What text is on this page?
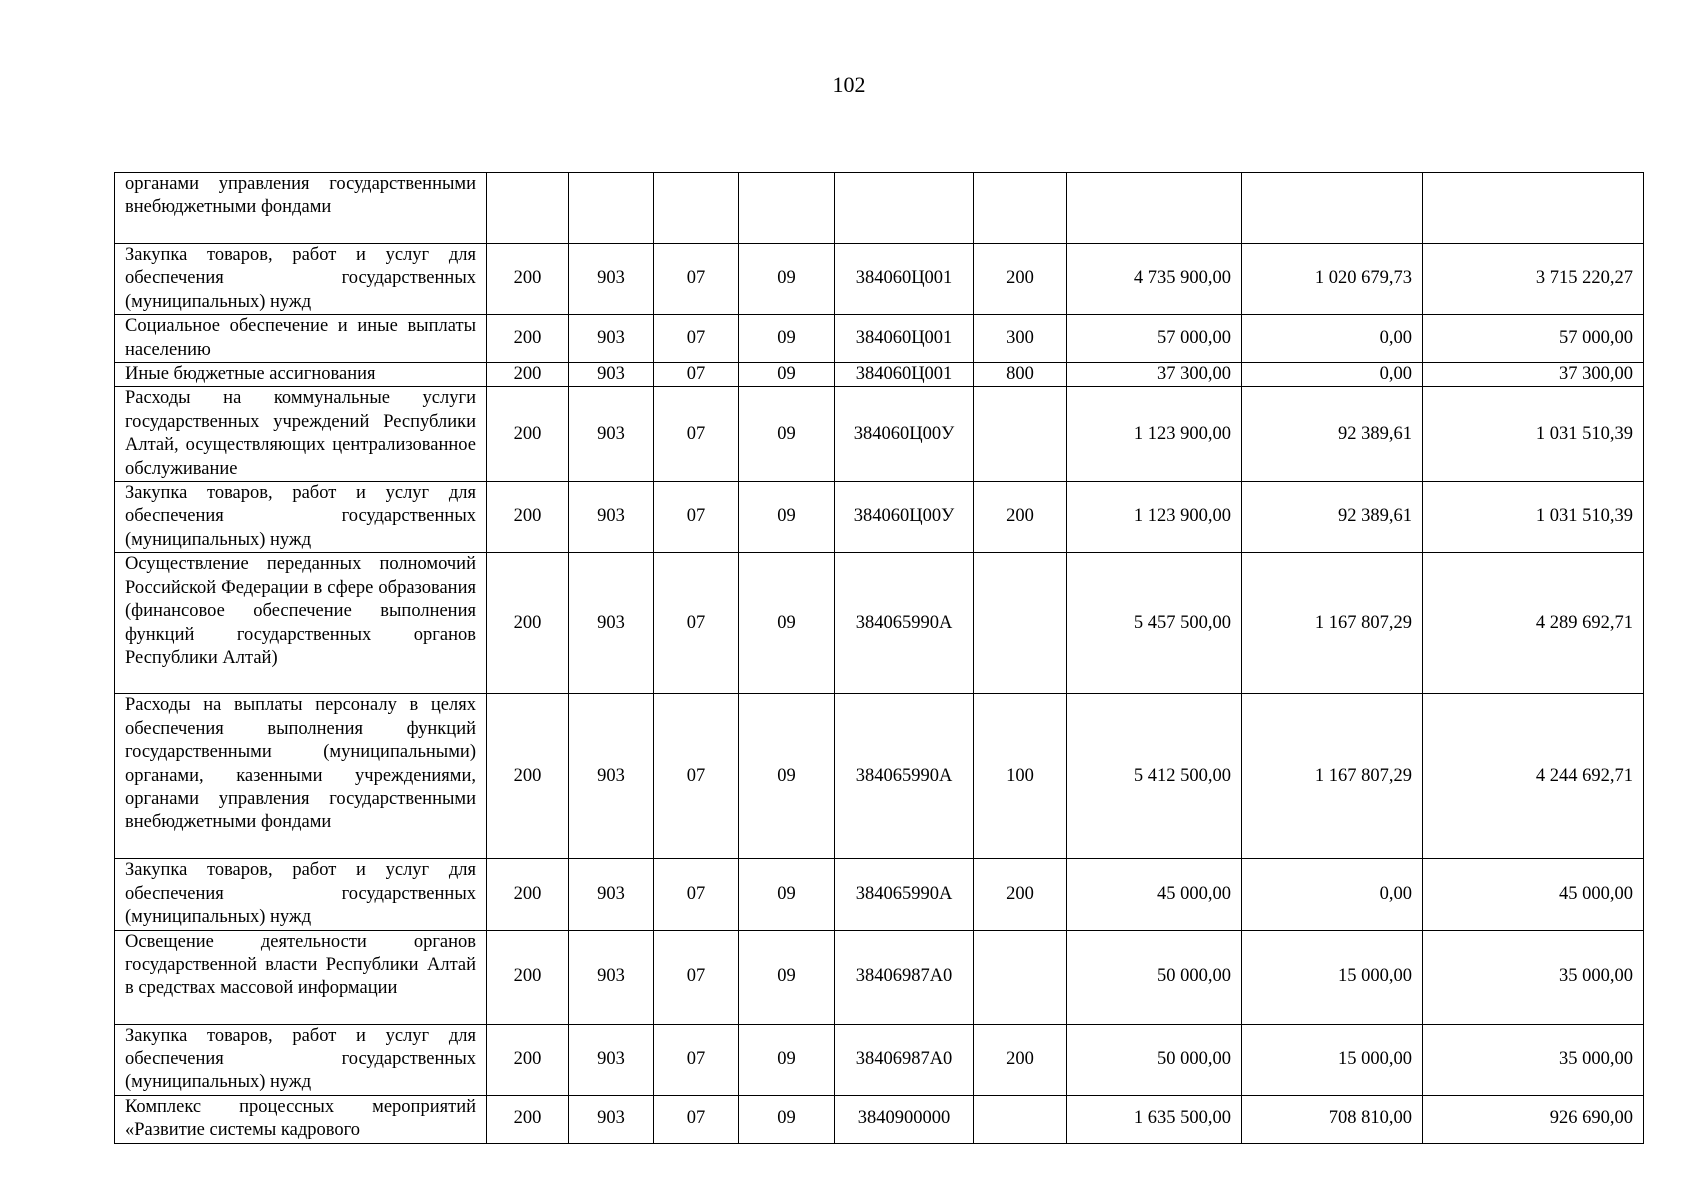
102
органами управления государственными внебюджетными фондами									
Закупка товаров, работ и услуг для обеспечения государственных (муниципальных) нужд	200	903	07	09	384060Ц001	200	4 735 900,00	1 020 679,73	3 715 220,27
Социальное обеспечение и иные выплаты населению	200	903	07	09	384060Ц001	300	57 000,00	0,00	57 000,00
Иные бюджетные ассигнования	200	903	07	09	384060Ц001	800	37 300,00	0,00	37 300,00
Расходы на коммунальные услуги государственных учреждений Республики Алтай, осуществляющих централизованное обслуживание	200	903	07	09	384060Ц00У		1 123 900,00	92 389,61	1 031 510,39
Закупка товаров, работ и услуг для обеспечения государственных (муниципальных) нужд	200	903	07	09	384060Ц00У	200	1 123 900,00	92 389,61	1 031 510,39
Осуществление переданных полномочий Российской Федерации в сфере образования (финансовое обеспечение выполнения функций государственных органов Республики Алтай)	200	903	07	09	384065990А		5 457 500,00	1 167 807,29	4 289 692,71
Расходы на выплаты персоналу в целях обеспечения выполнения функций государственными (муниципальными) органами, казенными учреждениями, органами управления государственными внебюджетными фондами	200	903	07	09	384065990А	100	5 412 500,00	1 167 807,29	4 244 692,71
Закупка товаров, работ и услуг для обеспечения государственных (муниципальных) нужд	200	903	07	09	384065990А	200	45 000,00	0,00	45 000,00
Освещение деятельности органов государственной власти Республики Алтай в средствах массовой информации	200	903	07	09	38406987А0		50 000,00	15 000,00	35 000,00
Закупка товаров, работ и услуг для обеспечения государственных (муниципальных) нужд	200	903	07	09	38406987А0	200	50 000,00	15 000,00	35 000,00
Комплекс процессных мероприятий «Развитие системы кадрового	200	903	07	09	3840900000		1 635 500,00	708 810,00	926 690,00
